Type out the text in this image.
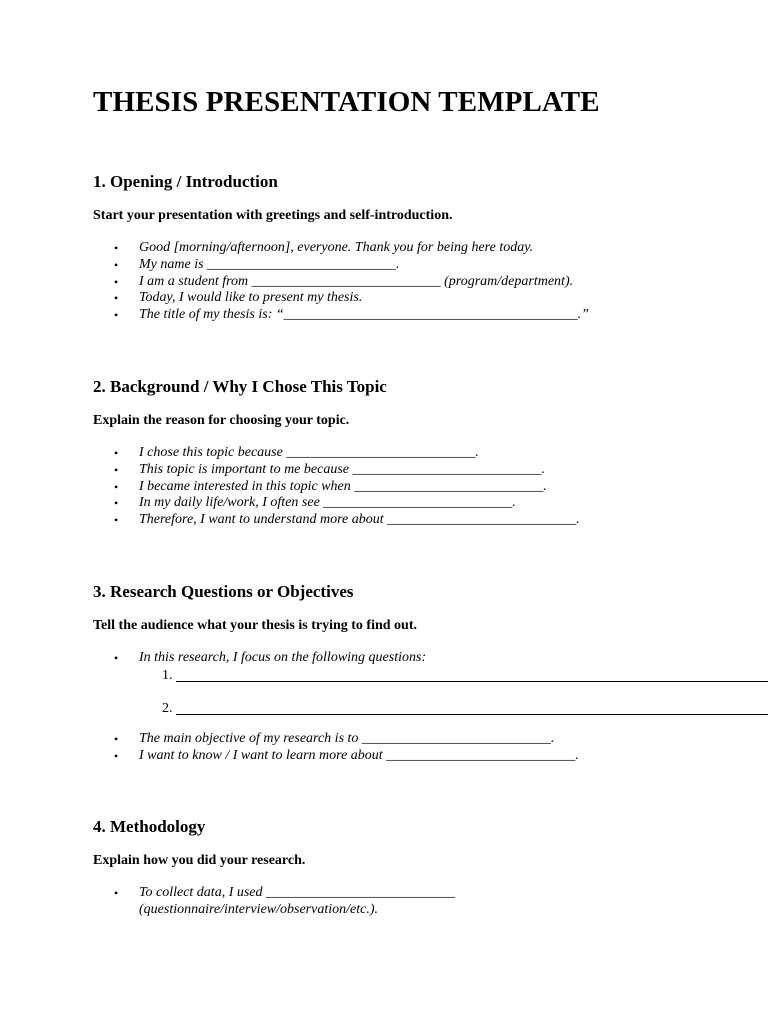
THESIS PRESENTATION TEMPLATE
1. Opening / Introduction

Start your presentation with greetings and self-introduction.

• Good [morning/afternoon], everyone. Thank you for being here today.
• My name is ___________________________.
• I am a student from ___________________________ (program/department).
• Today, I would like to present my thesis.
• The title of my thesis is: “__________________________________________.”
2. Background / Why I Chose This Topic

Explain the reason for choosing your topic.

• I chose this topic because ___________________________.
• This topic is important to me because ___________________________.
• I became interested in this topic when ___________________________.
• In my daily life/work, I often see ___________________________.
• Therefore, I want to understand more about ___________________________.
3. Research Questions or Objectives

Tell the audience what your thesis is trying to find out.

• In this research, I focus on the following questions:
1.
2.
• The main objective of my research is to ___________________________.
• I want to know / I want to learn more about ___________________________.
4. Methodology

Explain how you did your research.

• To collect data, I used ___________________________ (questionnaire/interview/observation/etc.).
